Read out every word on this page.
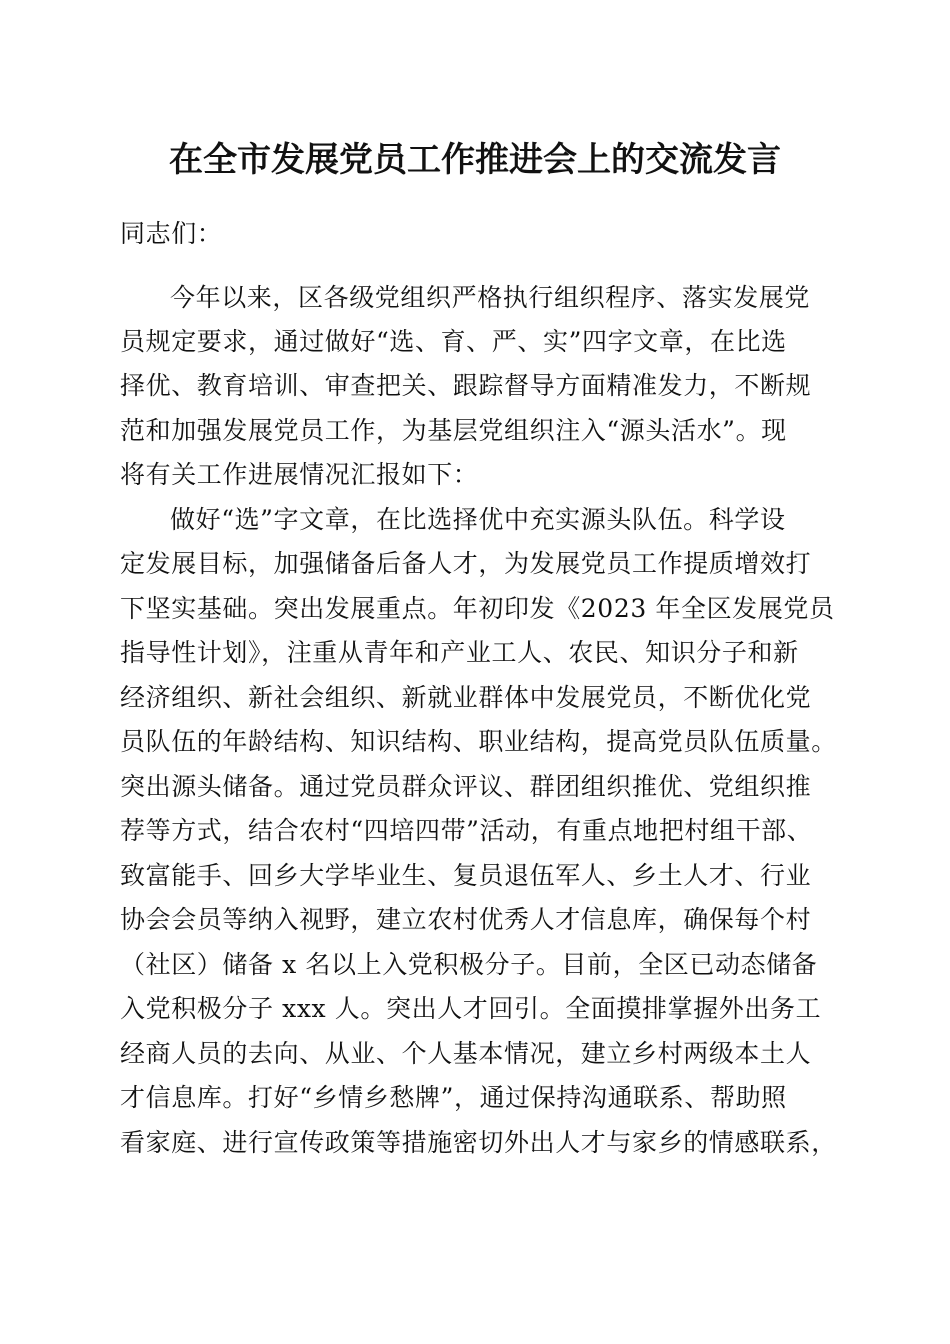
在全市发展党员工作推进会上的交流发言
同志们：
今年以来，区各级党组织严格执行组织程序、落实发展党
员规定要求，通过做好“选、育、严、实”四字文章，在比选
择优、教育培训、审查把关、跟踪督导方面精准发力，不断规
范和加强发展党员工作，为基层党组织注入“源头活水”。现
将有关工作进展情况汇报如下：
做好“选”字文章，在比选择优中充实源头队伍。科学设
定发展目标，加强储备后备人才，为发展党员工作提质增效打
下坚实基础。突出发展重点。年初印发《2023 年全区发展党员
指导性计划》，注重从青年和产业工人、农民、知识分子和新
经济组织、新社会组织、新就业群体中发展党员，不断优化党
员队伍的年龄结构、知识结构、职业结构，提高党员队伍质量。
突出源头储备。通过党员群众评议、群团组织推优、党组织推
荐等方式，结合农村“四培四带”活动，有重点地把村组干部、
致富能手、回乡大学毕业生、复员退伍军人、乡土人才、行业
协会会员等纳入视野，建立农村优秀人才信息库，确保每个村
（社区）储备 x 名以上入党积极分子。目前，全区已动态储备
入党积极分子 xxx 人。突出人才回引。全面摸排掌握外出务工
经商人员的去向、从业、个人基本情况，建立乡村两级本土人
才信息库。打好“乡情乡愁牌”，通过保持沟通联系、帮助照
看家庭、进行宣传政策等措施密切外出人才与家乡的情感联系，
